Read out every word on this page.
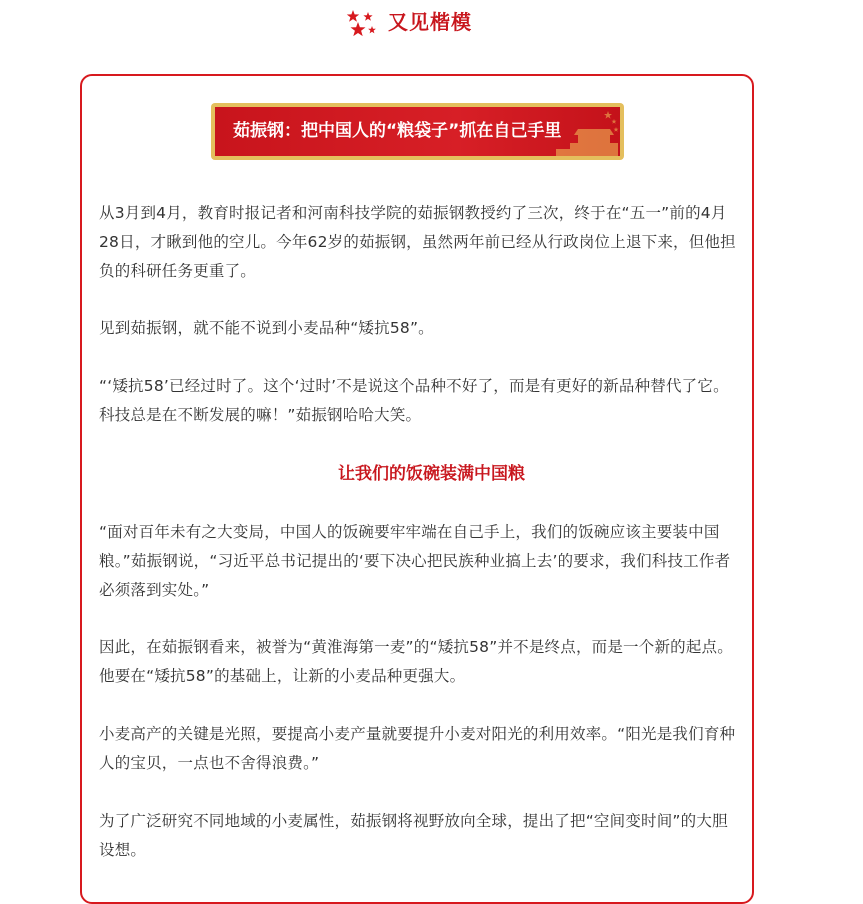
又见楷模
茹振钢：把中国人的“粮袋子”抓在自己手里

从3月到4月，教育时报记者和河南科技学院的茹振钢教授约了三次，终于在“五一”前的4月28日，才瞅到他的空儿。今年62岁的茹振钢，虽然两年前已经从行政岗位上退下来，但他担负的科研任务更重了。

见到茹振钢，就不能不说到小麦品种“矮抗58”。

“‘矮抗58’已经过时了。这个‘过时’不是说这个品种不好了，而是有更好的新品种替代了它。科技总是在不断发展的嘛！”茹振钢哈哈大笑。

让我们的饭碗装满中国粮

“面对百年未有之大变局，中国人的饭碗要牢牢端在自己手上，我们的饭碗应该主要装中国粮。”茹振钢说，“习近平总书记提出的‘要下决心把民族种业搞上去’的要求，我们科技工作者必须落到实处。”

因此，在茹振钢看来，被誉为“黄淮海第一麦”的“矮抗58”并不是终点，而是一个新的起点。他要在“矮抗58”的基础上，让新的小麦品种更强大。

小麦高产的关键是光照，要提高小麦产量就要提升小麦对阳光的利用效率。“阳光是我们育种人的宝贝，一点也不舍得浪费。”

为了广泛研究不同地域的小麦属性，茹振钢将视野放向全球，提出了把“空间变时间”的大胆设想。
